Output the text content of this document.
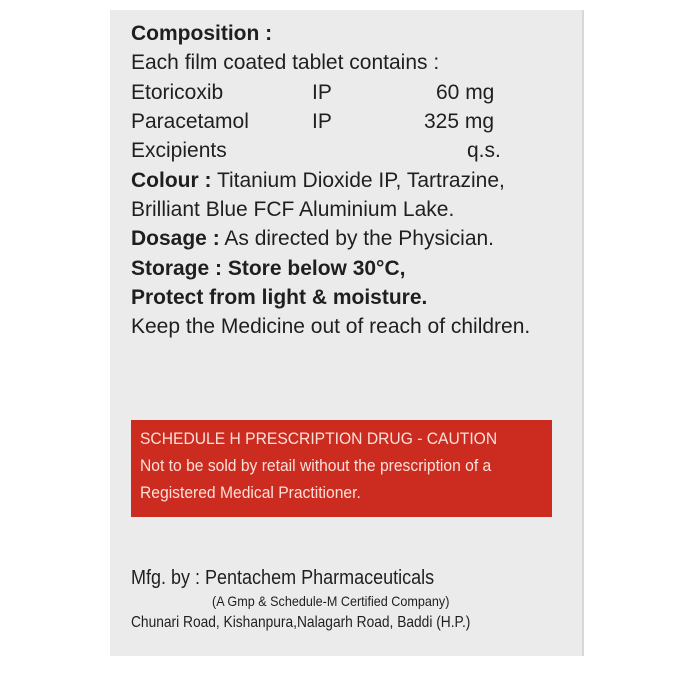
Composition :
Each film coated tablet contains :
Etoricoxib	IP	60 mg
Paracetamol	IP	325 mg
Excipients	q.s.
Colour : Titanium Dioxide IP, Tartrazine,
Brilliant Blue FCF Aluminium Lake.
Dosage : As directed by the Physician.
Storage : Store below 30°C,
Protect from light & moisture.
Keep the Medicine out of reach of children.
SCHEDULE H PRESCRIPTION DRUG - CAUTION
Not to be sold by retail without the prescription of a
Registered Medical Practitioner.
Mfg. by : Pentachem Pharmaceuticals
(A Gmp & Schedule-M Certified Company)
Chunari Road, Kishanpura,Nalagarh Road, Baddi (H.P.)
